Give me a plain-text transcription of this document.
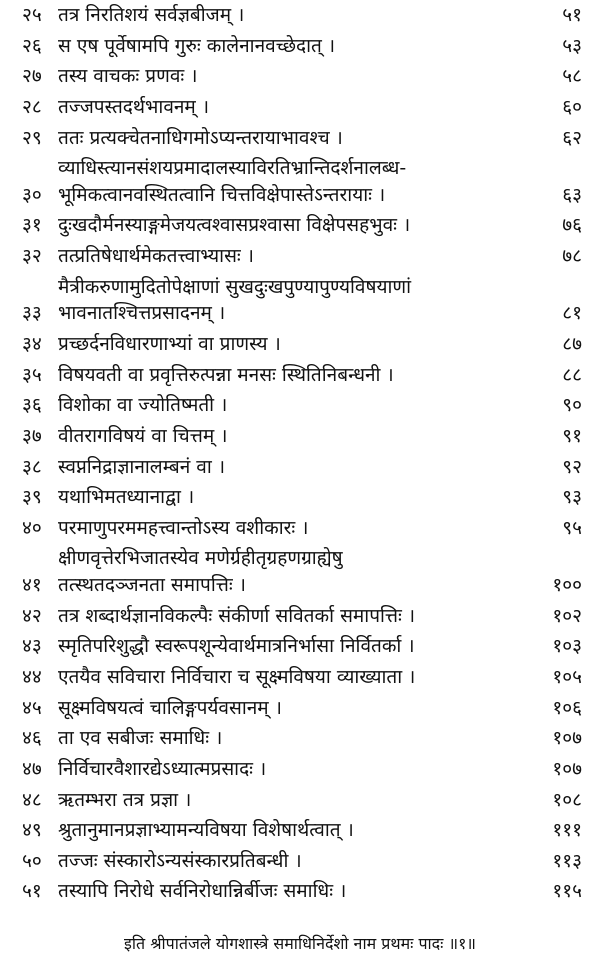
२५ तत्र निरतिशयं सर्वज्ञबीजम् ।	५१
२६ स एष पूर्वेषामपि गुरुः कालेनानवच्छेदात् ।	५३
२७ तस्य वाचकः प्रणवः ।	५८
२८ तज्जपस्तदर्थभावनम् ।	६०
२९ ततः प्रत्यक्चेतनाधिगमोऽप्यन्तरायाभावश्च ।	६२
३०
व्याधिस्त्यानसंशयप्रमादालस्याविरतिभ्रान्तिदर्शनालब्ध-
भूमिकत्वानवस्थितत्वानि चित्तविक्षेपास्तेऽन्तरायाः ।	६३
३१ दुःखदौर्मनस्याङ्गमेजयत्वश्वासप्रश्वासा विक्षेपसहभुवः ।	७६
३२ तत्प्रतिषेधार्थमेकतत्त्वाभ्यासः ।	७८
३३
मैत्रीकरुणामुदितोपेक्षाणां सुखदुःखपुण्यापुण्यविषयाणां
भावनातश्चित्तप्रसादनम् ।	८१
३४ प्रच्छर्दनविधारणाभ्यां वा प्राणस्य ।	८७
३५ विषयवती वा प्रवृत्तिरुत्पन्ना मनसः स्थितिनिबन्धनी ।	८८
३६ विशोका वा ज्योतिष्मती ।	९०
३७ वीतरागविषयं वा चित्तम् ।	९१
३८ स्वप्ननिद्राज्ञानालम्बनं वा ।	९२
३९ यथाभिमतध्यानाद्वा ।	९३
४० परमाणुपरममहत्त्वान्तोऽस्य वशीकारः ।	९५
४१
क्षीणवृत्तेरभिजातस्येव मणेर्ग्रहीतृग्रहणग्राह्येषु
तत्स्थतदञ्जनता समापत्तिः ।	१००
४२ तत्र शब्दार्थज्ञानविकल्पैः संकीर्णा सवितर्का समापत्तिः ।	१०२
४३ स्मृतिपरिशुद्धौ स्वरूपशून्येवार्थमात्रनिर्भासा निर्वितर्का ।	१०३
४४ एतयैव सविचारा निर्विचारा च सूक्ष्मविषया व्याख्याता ।	१०५
४५ सूक्ष्मविषयत्वं चालिङ्गपर्यवसानम् ।	१०६
४६ ता एव सबीजः समाधिः ।	१०७
४७ निर्विचारवैशारद्येऽध्यात्मप्रसादः ।	१०७
४८ ऋतम्भरा तत्र प्रज्ञा ।	१०८
४९ श्रुतानुमानप्रज्ञाभ्यामन्यविषया विशेषार्थत्वात् ।	१११
५० तज्जः संस्कारोऽन्यसंस्कारप्रतिबन्धी ।	११३
५१ तस्यापि निरोधे सर्वनिरोधान्निर्बीजः समाधिः ।	११५
इति श्रीपातंजले योगशास्त्रे समाधिनिर्देशो नाम प्रथमः पादः ॥१॥
